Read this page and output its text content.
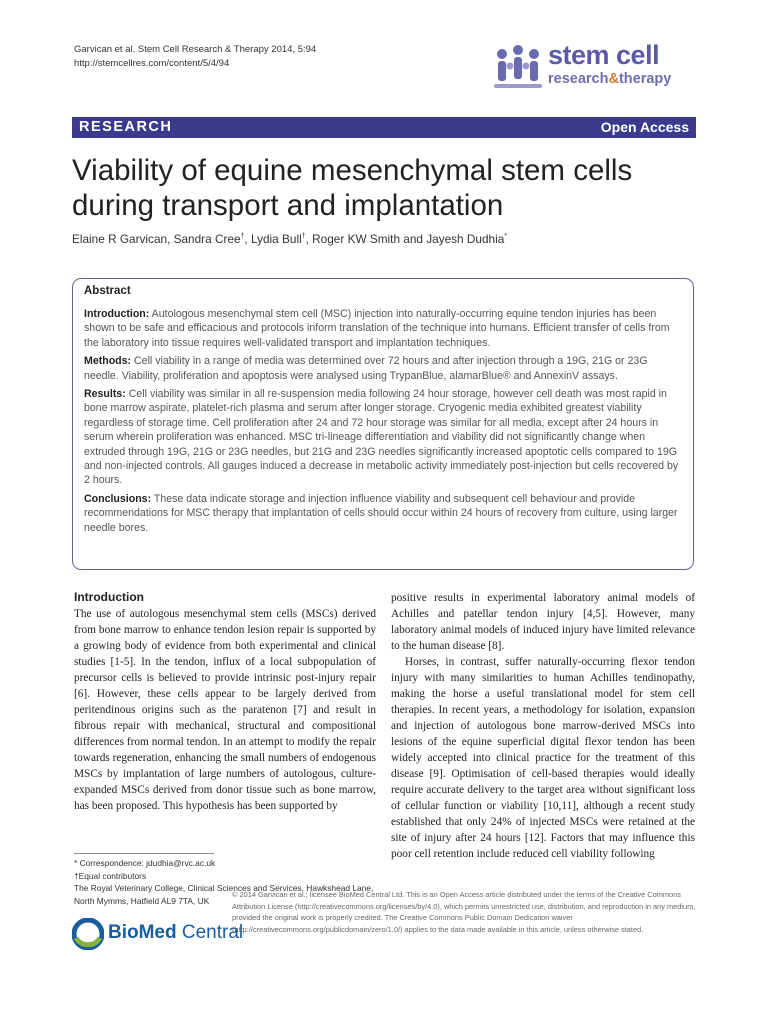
Garvican et al. Stem Cell Research & Therapy 2014, 5:94
http://stemcellres.com/content/5/4/94	stem cell
research&therapy
RESEARCH	Open Access
Viability of equine mesenchymal stem cells during transport and implantation
Elaine R Garvican, Sandra Cree†, Lydia Bull†, Roger KW Smith and Jayesh Dudhia*
Abstract

Introduction: Autologous mesenchymal stem cell (MSC) injection into naturally-occurring equine tendon injuries has been shown to be safe and efficacious and protocols inform translation of the technique into humans. Efficient transfer of cells from the laboratory into tissue requires well-validated transport and implantation techniques.

Methods: Cell viability in a range of media was determined over 72 hours and after injection through a 19G, 21G or 23G needle. Viability, proliferation and apoptosis were analysed using TrypanBlue, alamarBlue® and AnnexinV assays.

Results: Cell viability was similar in all re-suspension media following 24 hour storage, however cell death was most rapid in bone marrow aspirate, platelet-rich plasma and serum after longer storage. Cryogenic media exhibited greatest viability regardless of storage time. Cell proliferation after 24 and 72 hour storage was similar for all media, except after 24 hours in serum wherein proliferation was enhanced. MSC tri-lineage differentiation and viability did not significantly change when extruded through 19G, 21G or 23G needles, but 21G and 23G needles significantly increased apoptotic cells compared to 19G and non-injected controls. All gauges induced a decrease in metabolic activity immediately post-injection but cells recovered by 2 hours.

Conclusions: These data indicate storage and injection influence viability and subsequent cell behaviour and provide recommendations for MSC therapy that implantation of cells should occur within 24 hours of recovery from culture, using larger needle bores.

Introduction

The use of autologous mesenchymal stem cells (MSCs) derived from bone marrow to enhance tendon lesion repair is supported by a growing body of evidence from both experimental and clinical studies [1-5]. In the tendon, influx of a local subpopulation of precursor cells is believed to provide intrinsic post-injury repair [6]. However, these cells appear to be largely derived from peritendinous origins such as the paratenon [7] and result in fibrous repair with mechanical, structural and compositional differences from normal tendon. In an attempt to modify the repair towards regeneration, enhancing the small numbers of endogenous MSCs by implantation of large numbers of autologous, culture-expanded MSCs derived from donor tissue such as bone marrow, has been proposed. This hypothesis has been supported by

positive results in experimental laboratory animal models of Achilles and patellar tendon injury [4,5]. However, many laboratory animal models of induced injury have limited relevance to the human disease [8].

Horses, in contrast, suffer naturally-occurring flexor tendon injury with many similarities to human Achilles tendinopathy, making the horse a useful translational model for stem cell therapies. In recent years, a methodology for isolation, expansion and injection of autologous bone marrow-derived MSCs into lesions of the equine superficial digital flexor tendon has been widely accepted into clinical practice for the treatment of this disease [9]. Optimisation of cell-based therapies would ideally require accurate delivery to the target area without significant loss of cellular function or viability [10,11], although a recent study established that only 24% of injected MSCs were retained at the site of injury after 24 hours [12]. Factors that may influence this poor cell retention include reduced cell viability following

* Correspondence: jdudhia@rvc.ac.uk
†Equal contributors
The Royal Veterinary College, Clinical Sciences and Services, Hawkshead Lane,
North Mymms, Hatfield AL9 7TA, UK
BioMed Central
© 2014 Garvican et al.; licensee BioMed Central Ltd. This is an Open Access article distributed under the terms of the Creative Commons Attribution License (http://creativecommons.org/licenses/by/4.0), which permits unrestricted use, distribution, and reproduction in any medium, provided the original work is properly credited. The Creative Commons Public Domain Dedication waiver (http://creativecommons.org/publicdomain/zero/1.0/) applies to the data made available in this article, unless otherwise stated.
